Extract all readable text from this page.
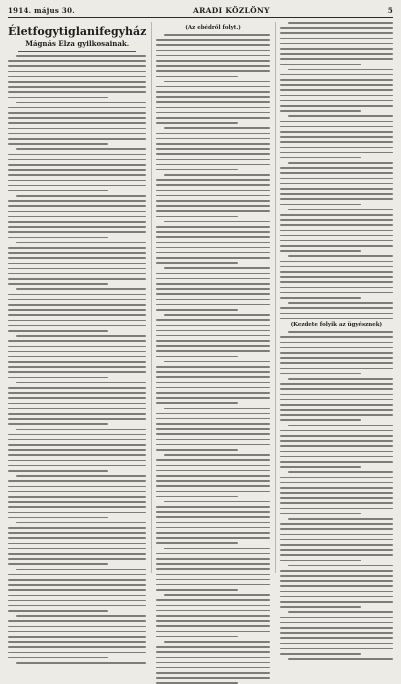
1914. május 30.	ARADI KÖZLÖNY	5
Életfogytiglanifegyház
Mágnás Elza gyilkosainak.
(Az ebédről folyt.)
(Kezdete folyik az ügyésznek)
